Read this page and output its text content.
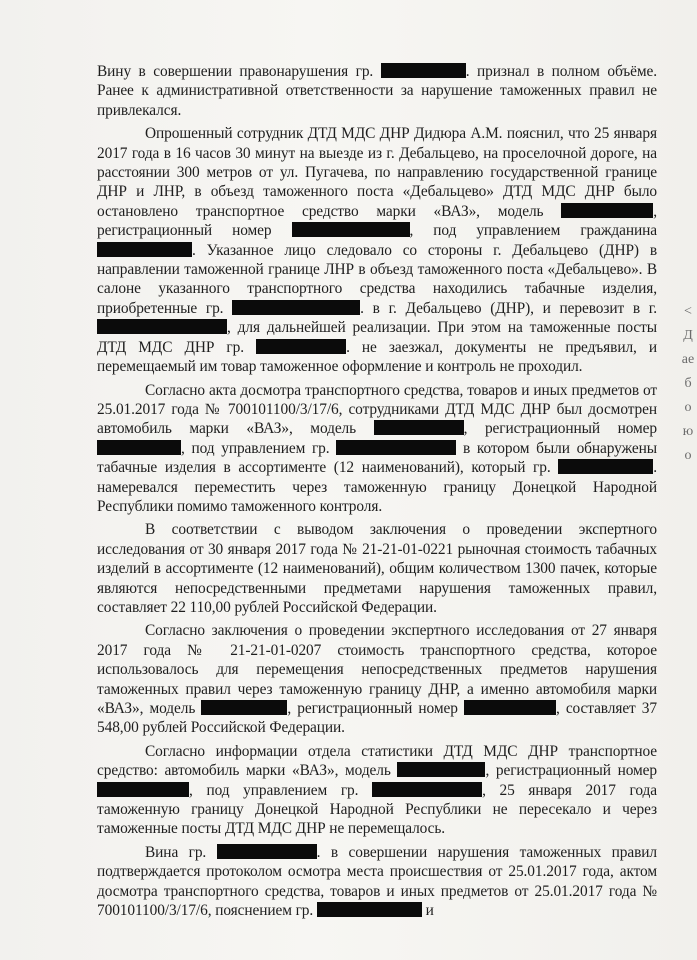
Вину в совершении правонарушения гр.	. признал в полном объёме. Ранее к административной ответственности за нарушение таможенных правил не привлекался.

Опрошенный сотрудник ДТД МДС ДНР Дидюра А.М. пояснил, что 25 января 2017 года в 16 часов 30 минут на выезде из г. Дебальцево, на проселочной дороге, на расстоянии 300 метров от ул. Пугачева, по направлению государственной границе ДНР и ЛНР, в объезд таможенного поста «Дебальцево» ДТД МДС ДНР было остановлено транспортное средство марки «ВАЗ», модель	, регистрационный номер	, под управлением гражданина. Указанное лицо следовало со стороны г. Дебальцево (ДНР) в направлении таможенной границе ЛНР в объезд таможенного поста «Дебальцево». В салоне указанного транспортного средства находились табачные изделия, приобретенные гр.	. в г. Дебальцево (ДНР), и перевозит в г. , для дальнейшей реализации. При этом на таможенные посты ДТД МДС ДНР гр.	. не заезжал, документы не предъявил, и перемещаемый им товар таможенное оформление и контроль не проходил.

Согласно акта досмотра транспортного средства, товаров и иных предметов от 25.01.2017 года № 700101100/3/17/6, сотрудниками ДТД МДС ДНР был досмотрен автомобиль марки «ВАЗ», модель	, регистрационный номер , под управлением гр.	в котором были обнаружены табачные изделия в ассортименте (12 наименований), который гр.	. намеревался переместить через таможенную границу Донецкой Народной Республики помимо таможенного контроля.

В соответствии с выводом заключения о проведении экспертного исследования от 30 января 2017 года № 21-21-01-0221 рыночная стоимость табачных изделий в ассортименте (12 наименований), общим количеством 1300 пачек, которые являются непосредственными предметами нарушения таможенных правил, составляет 22 110,00 рублей Российской Федерации.

Согласно заключения о проведении экспертного исследования от 27 января 2017 года № 21-21-01-0207 стоимость транспортного средства, которое использовалось для перемещения непосредственных предметов нарушения таможенных правил через таможенную границу ДНР, а именно автомобиля марки «ВАЗ», модель	, регистрационный номер	, составляет 37 548,00 рублей Российской Федерации.

Согласно информации отдела статистики ДТД МДС ДНР транспортное средство: автомобиль марки «ВАЗ», модель	, регистрационный номер , под управлением гр.	, 25 января 2017 года таможенную границу Донецкой Народной Республики не пересекало и через таможенные посты ДТД МДС ДНР не перемещалось.

Вина гр.	. в совершении нарушения таможенных правил подтверждается протоколом осмотра места происшествия от 25.01.2017 года, актом досмотра транспортного средства, товаров и иных предметов от 25.01.2017 года № 700101100/3/17/6, пояснением гр.	и

<
Д
ае
б
о
ю
о
